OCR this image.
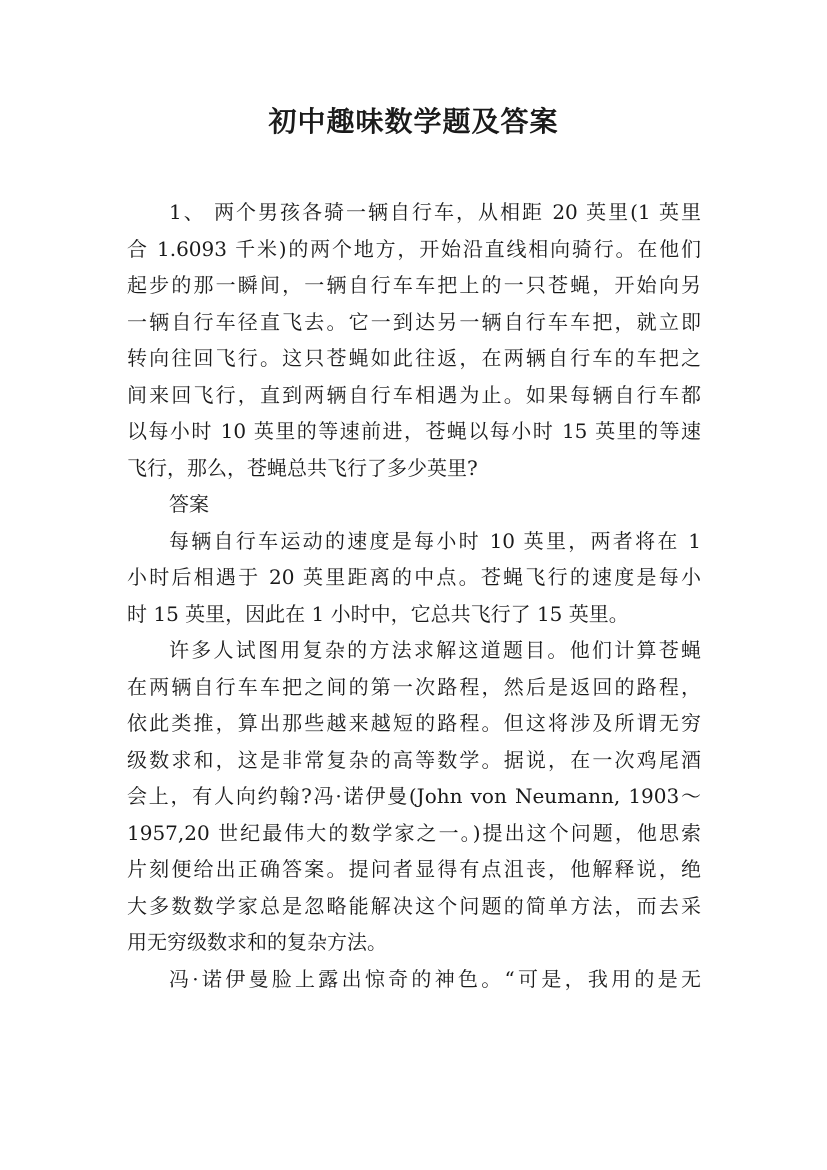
初中趣味数学题及答案
1、 两个男孩各骑一辆自行车，从相距 20 英里(1 英里
合 1.6093 千米)的两个地方，开始沿直线相向骑行。在他们
起步的那一瞬间，一辆自行车车把上的一只苍蝇，开始向另
一辆自行车径直飞去。它一到达另一辆自行车车把，就立即
转向往回飞行。这只苍蝇如此往返，在两辆自行车的车把之
间来回飞行，直到两辆自行车相遇为止。如果每辆自行车都
以每小时 10 英里的等速前进，苍蝇以每小时 15 英里的等速
飞行，那么，苍蝇总共飞行了多少英里?
答案
每辆自行车运动的速度是每小时 10 英里，两者将在 1
小时后相遇于 20 英里距离的中点。苍蝇飞行的速度是每小
时 15 英里，因此在 1 小时中，它总共飞行了 15 英里。
许多人试图用复杂的方法求解这道题目。他们计算苍蝇
在两辆自行车车把之间的第一次路程，然后是返回的路程，
依此类推，算出那些越来越短的路程。但这将涉及所谓无穷
级数求和，这是非常复杂的高等数学。据说，在一次鸡尾酒
会上，有人向约翰?冯·诺伊曼(John von Neumann, 1903～
1957,20 世纪最伟大的数学家之一。)提出这个问题，他思索
片刻便给出正确答案。提问者显得有点沮丧，他解释说，绝
大多数数学家总是忽略能解决这个问题的简单方法，而去采
用无穷级数求和的复杂方法。
冯·诺伊曼脸上露出惊奇的神色。“可是，我用的是无
